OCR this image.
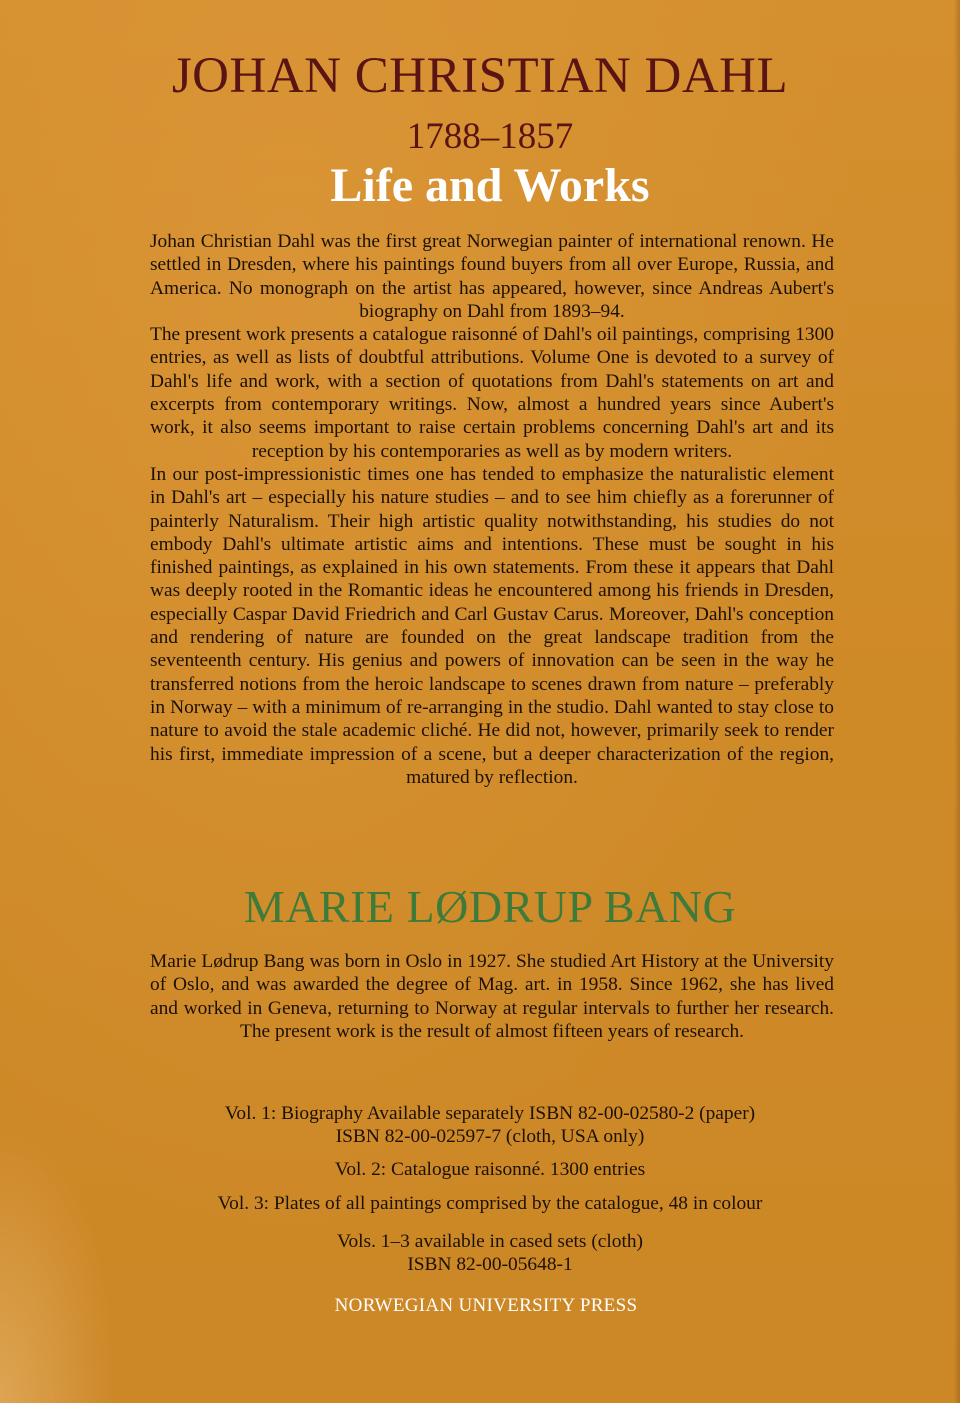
JOHAN CHRISTIAN DAHL
1788–1857
Life and Works

Johan Christian Dahl was the first great Norwegian painter of international renown. He settled in Dresden, where his paintings found buyers from all over Europe, Russia, and America. No monograph on the artist has appeared, however, since Andreas Aubert's biography on Dahl from 1893–94.

The present work presents a catalogue raisonné of Dahl's oil paintings, comprising 1300 entries, as well as lists of doubtful attributions. Volume One is devoted to a survey of Dahl's life and work, with a section of quotations from Dahl's statements on art and excerpts from contemporary writings. Now, almost a hundred years since Aubert's work, it also seems important to raise certain problems concerning Dahl's art and its reception by his contemporaries as well as by modern writers.

In our post-impressionistic times one has tended to emphasize the naturalistic element in Dahl's art – especially his nature studies – and to see him chiefly as a forerunner of painterly Naturalism. Their high artistic quality notwithstanding, his studies do not embody Dahl's ultimate artistic aims and intentions. These must be sought in his finished paintings, as explained in his own statements. From these it appears that Dahl was deeply rooted in the Romantic ideas he encountered among his friends in Dresden, especially Caspar David Friedrich and Carl Gustav Carus. Moreover, Dahl's conception and rendering of nature are founded on the great landscape tradition from the seventeenth century. His genius and powers of innovation can be seen in the way he transferred notions from the heroic landscape to scenes drawn from nature – preferably in Norway – with a minimum of re-arranging in the studio. Dahl wanted to stay close to nature to avoid the stale academic cliché. He did not, however, primarily seek to render his first, immediate impression of a scene, but a deeper characterization of the region, matured by reflection.

MARIE LØDRUP BANG

Marie Lødrup Bang was born in Oslo in 1927. She studied Art History at the University of Oslo, and was awarded the degree of Mag. art. in 1958. Since 1962, she has lived and worked in Geneva, returning to Norway at regular intervals to further her research. The present work is the result of almost fifteen years of research.

Vol. 1: Biography Available separately ISBN 82-00-02580-2 (paper)
ISBN 82-00-02597-7 (cloth, USA only)
Vol. 2: Catalogue raisonné. 1300 entries
Vol. 3: Plates of all paintings comprised by the catalogue, 48 in colour
Vols. 1–3 available in cased sets (cloth)
ISBN 82-00-05648-1
NORWEGIAN UNIVERSITY PRESS
